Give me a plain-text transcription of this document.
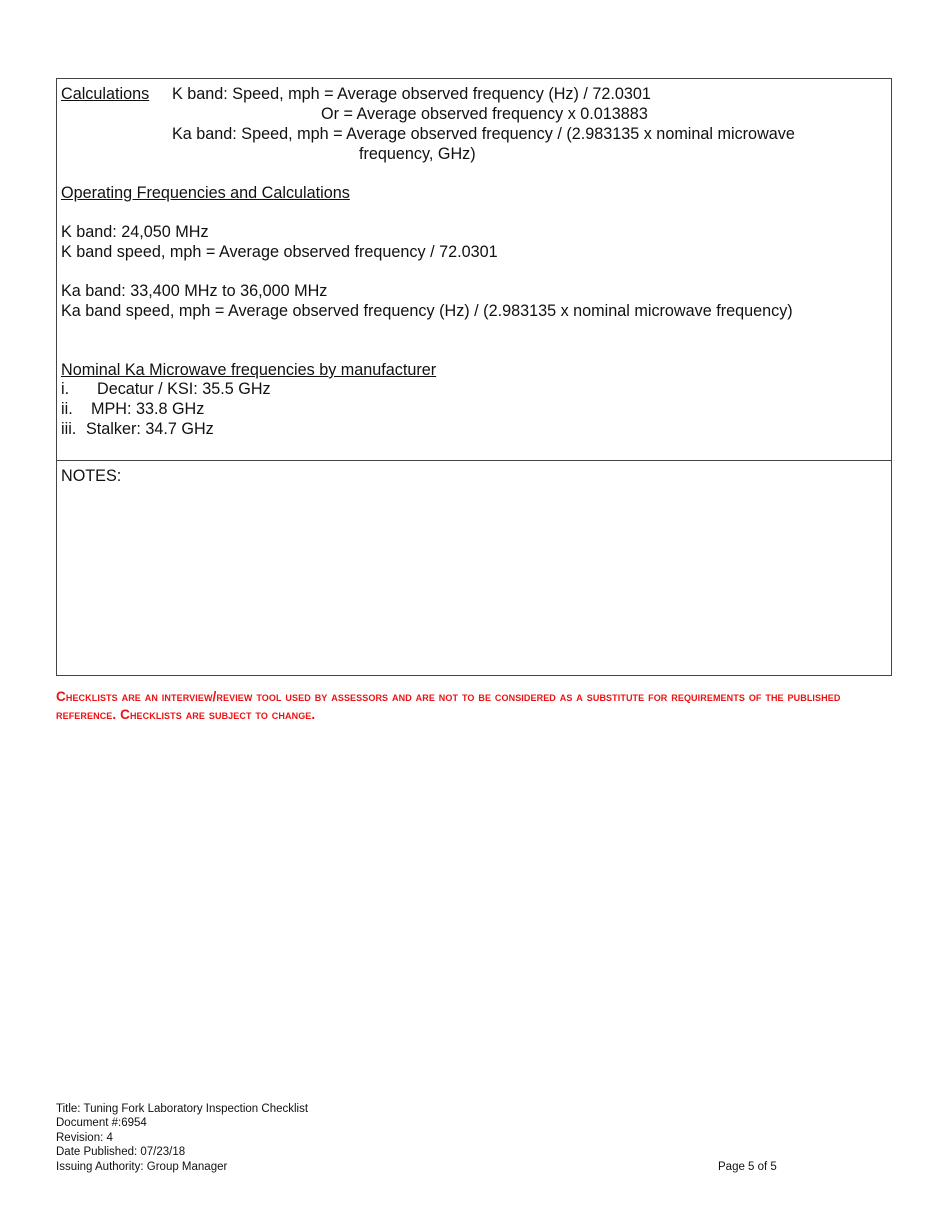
Calculations K band: Speed, mph = Average observed frequency (Hz) / 72.0301
Or = Average observed frequency x 0.013883
Ka band: Speed, mph = Average observed frequency / (2.983135 x nominal microwave
frequency, GHz)
Operating Frequencies and Calculations
K band: 24,050 MHz
K band speed, mph = Average observed frequency / 72.0301
Ka band: 33,400 MHz to 36,000 MHz
Ka band speed, mph = Average observed frequency (Hz) / (2.983135 x nominal microwave frequency)
Nominal Ka Microwave frequencies by manufacturer
i. Decatur / KSI: 35.5 GHz
ii. MPH: 33.8 GHz
iii. Stalker: 34.7 GHz
NOTES:
Checklists are an interview/review tool used by assessors and are not to be considered as a substitute for requirements of the published reference. Checklists are subject to change.
Title: Tuning Fork Laboratory Inspection Checklist
Document #:6954
Revision: 4
Date Published: 07/23/18
Issuing Authority: Group Manager	Page 5 of 5
